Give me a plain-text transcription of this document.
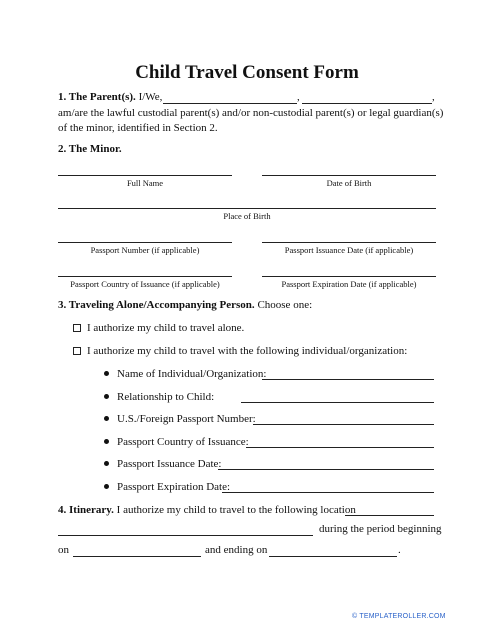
Child Travel Consent Form
1. The Parent(s). I/We,	,	,
am/are the lawful custodial parent(s) and/or non-custodial parent(s) or legal guardian(s)
of the minor, identified in Section 2.
2. The Minor.
Full Name	Date of Birth
Place of Birth
Passport Number (if applicable)	Passport Issuance Date (if applicable)
Passport Country of Issuance (if applicable)	Passport Expiration Date (if applicable)
3. Traveling Alone/Accompanying Person. Choose one:
I authorize my child to travel alone.
I authorize my child to travel with the following individual/organization:
Name of Individual/Organization:
Relationship to Child:
U.S./Foreign Passport Number:
Passport Country of Issuance:
Passport Issuance Date:
Passport Expiration Date:
4. Itinerary. I authorize my child to travel to the following location
during the period beginning
on	and ending on	.
© TEMPLATEROLLER.COM
